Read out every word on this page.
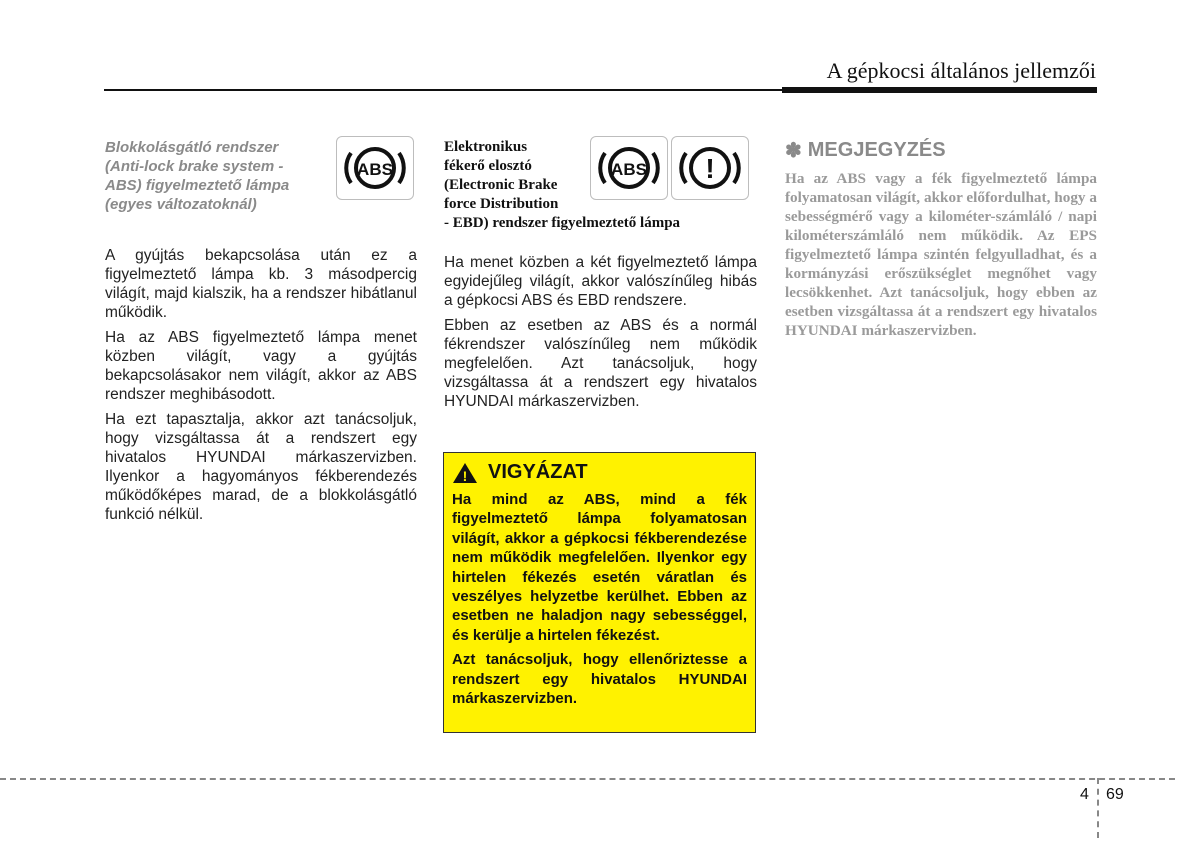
A gépkocsi általános jellemzői
Blokkolásgátló rendszer (Anti-lock brake system - ABS) figyelmeztető lámpa (egyes változatoknál)

A gyújtás bekapcsolása után ez a figyelmeztető lámpa kb. 3 másodpercig világít, majd kialszik, ha a rendszer hibátlanul működik.

Ha az ABS figyelmeztető lámpa menet közben világít, vagy a gyújtás bekapcsolásakor nem világít, akkor az ABS rendszer meghibásodott.

Ha ezt tapasztalja, akkor azt tanácsoljuk, hogy vizsgáltassa át a rendszert egy hivatalos HYUNDAI márkaszervizben. Ilyenkor a hagyományos fékberendezés működőképes marad, de a blokkolásgátló funkció nélkül.

ABS
Elektronikus
fékerő elosztó
(Electronic Brake
force Distribution
- EBD) rendszer figyelmeztető lámpa

Ha menet közben a két figyelmeztető lámpa egyidejűleg világít, akkor valószínűleg hibás a gépkocsi ABS és EBD rendszere.

Ebben az esetben az ABS és a normál fékrendszer valószínűleg nem működik megfelelően. Azt tanácsoljuk, hogy vizsgáltassa át a rendszert egy hivatalos HYUNDAI márkaszervizben.

ABS !
! VIGYÁZAT

Ha mind az ABS, mind a fék figyelmeztető lámpa folyamatosan világít, akkor a gépkocsi fékberendezése nem működik megfelelően. Ilyenkor egy hirtelen fékezés esetén váratlan és veszélyes helyzetbe kerülhet. Ebben az esetben ne haladjon nagy sebességgel, és kerülje a hirtelen fékezést.

Azt tanácsoljuk, hogy ellenőriztesse a rendszert egy hivatalos HYUNDAI márkaszervizben.

✽ MEGJEGYZÉS
Ha az ABS vagy a fék figyelmeztető lámpa folyamatosan világít, akkor előfordulhat, hogy a sebességmérő vagy a kilométer-számláló / napi kilométerszámláló nem működik. Az EPS figyelmeztető lámpa szintén felgyulladhat, és a kormányzási erőszükséglet megnőhet vagy lecsökkenhet. Azt tanácsoljuk, hogy ebben az esetben vizsgáltassa át a rendszert egy hivatalos HYUNDAI márkaszervizben.
4 69
